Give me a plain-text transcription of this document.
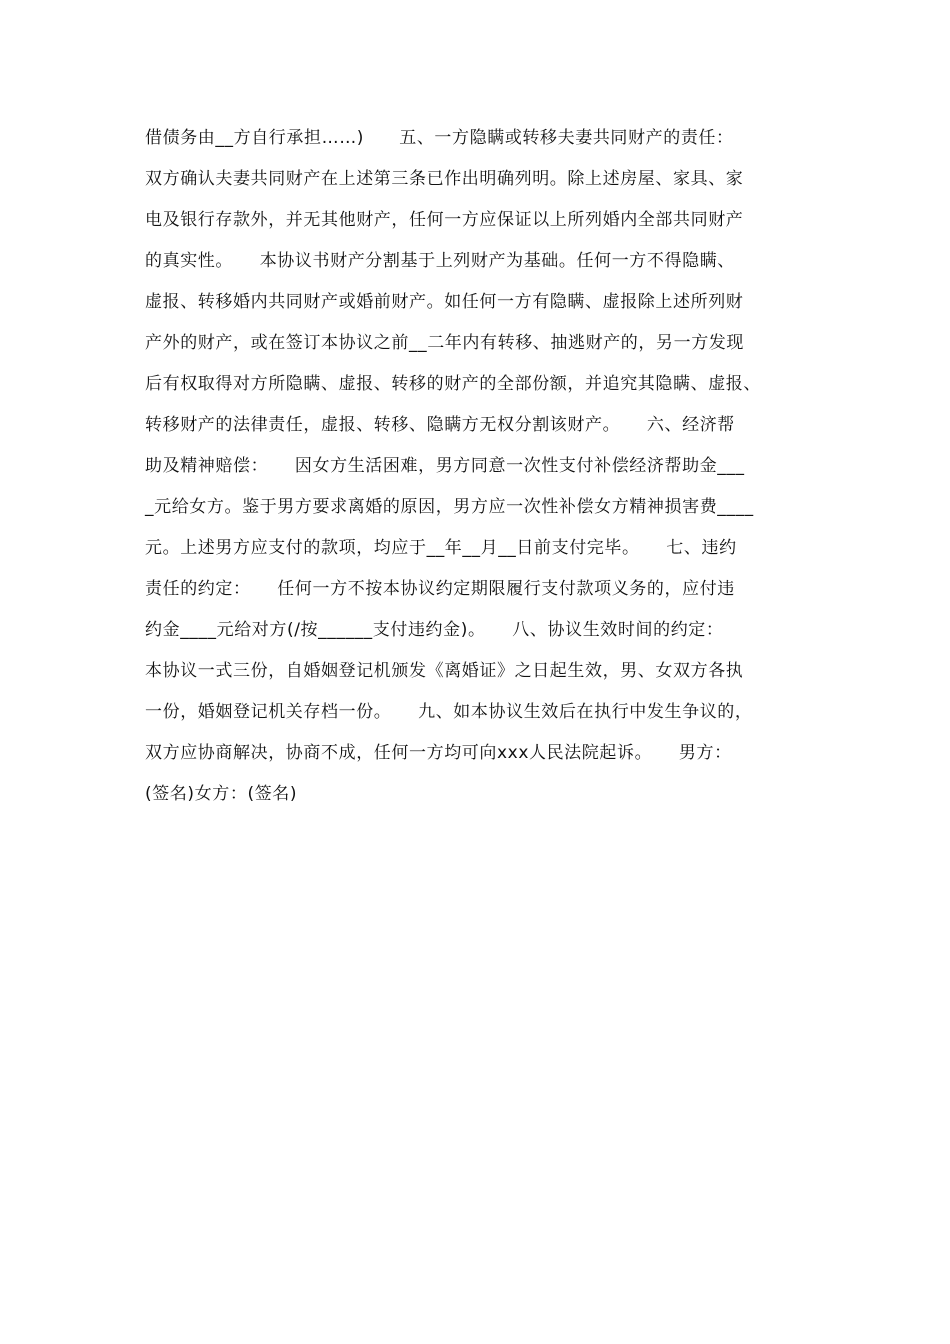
借债务由__方自行承担……)　　五、一方隐瞒或转移夫妻共同财产的责任：
双方确认夫妻共同财产在上述第三条已作出明确列明。除上述房屋、家具、家
电及银行存款外，并无其他财产，任何一方应保证以上所列婚内全部共同财产
的真实性。　　本协议书财产分割基于上列财产为基础。任何一方不得隐瞒、
虚报、转移婚内共同财产或婚前财产。如任何一方有隐瞒、虚报除上述所列财
产外的财产，或在签订本协议之前__二年内有转移、抽逃财产的，另一方发现
后有权取得对方所隐瞒、虚报、转移的财产的全部份额，并追究其隐瞒、虚报、
转移财产的法律责任，虚报、转移、隐瞒方无权分割该财产。　　六、经济帮
助及精神赔偿：　　因女方生活困难，男方同意一次性支付补偿经济帮助金___
_元给女方。鉴于男方要求离婚的原因，男方应一次性补偿女方精神损害费____
元。上述男方应支付的款项，均应于__年__月__日前支付完毕。　　七、违约
责任的约定：　　任何一方不按本协议约定期限履行支付款项义务的，应付违
约金____元给对方(/按______支付违约金)。　　八、协议生效时间的约定：
本协议一式三份，自婚姻登记机颁发《离婚证》之日起生效，男、女双方各执
一份，婚姻登记机关存档一份。　　九、如本协议生效后在执行中发生争议的，
双方应协商解决，协商不成，任何一方均可向xxx人民法院起诉。　　男方：
(签名)女方：(签名)
